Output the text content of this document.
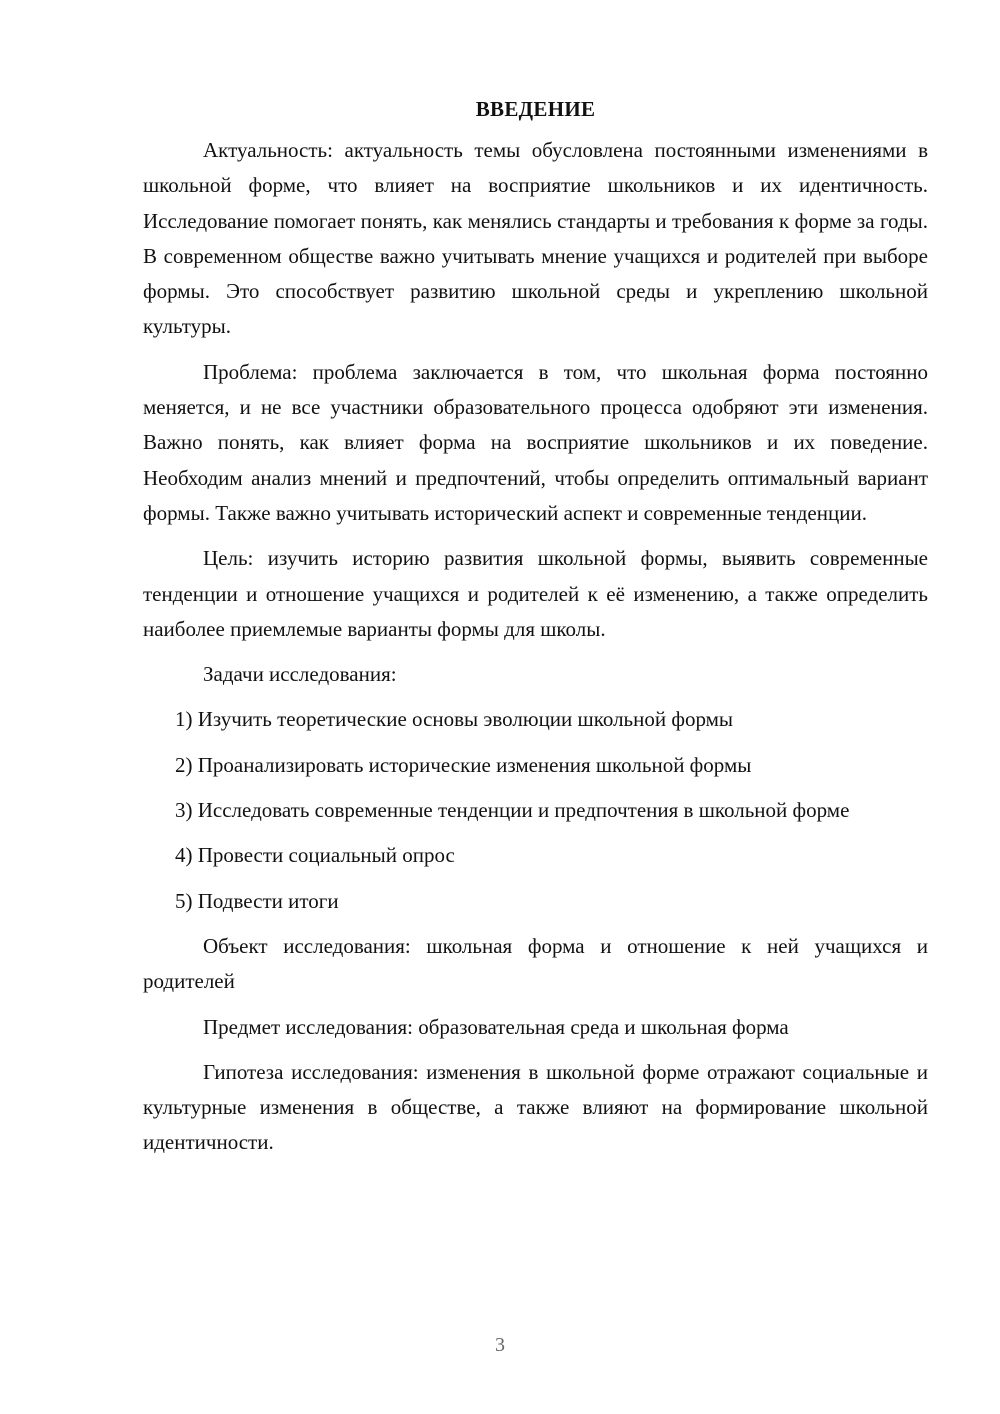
ВВЕДЕНИЕ

Актуальность: актуальность темы обусловлена постоянными изменениями в школьной форме, что влияет на восприятие школьников и их идентичность. Исследование помогает понять, как менялись стандарты и требования к форме за годы. В современном обществе важно учитывать мнение учащихся и родителей при выборе формы. Это способствует развитию школьной среды и укреплению школьной культуры.

Проблема: проблема заключается в том, что школьная форма постоянно меняется, и не все участники образовательного процесса одобряют эти изменения. Важно понять, как влияет форма на восприятие школьников и их поведение. Необходим анализ мнений и предпочтений, чтобы определить оптимальный вариант формы. Также важно учитывать исторический аспект и современные тенденции.

Цель: изучить историю развития школьной формы, выявить современные тенденции и отношение учащихся и родителей к её изменению, а также определить наиболее приемлемые варианты формы для школы.

Задачи исследования:

1) Изучить теоретические основы эволюции школьной формы

2) Проанализировать исторические изменения школьной формы

3) Исследовать современные тенденции и предпочтения в школьной форме

4) Провести социальный опрос

5) Подвести итоги

Объект исследования: школьная форма и отношение к ней учащихся и родителей

Предмет исследования: образовательная среда и школьная форма

Гипотеза исследования: изменения в школьной форме отражают социальные и культурные изменения в обществе, а также влияют на формирование школьной идентичности.

3
